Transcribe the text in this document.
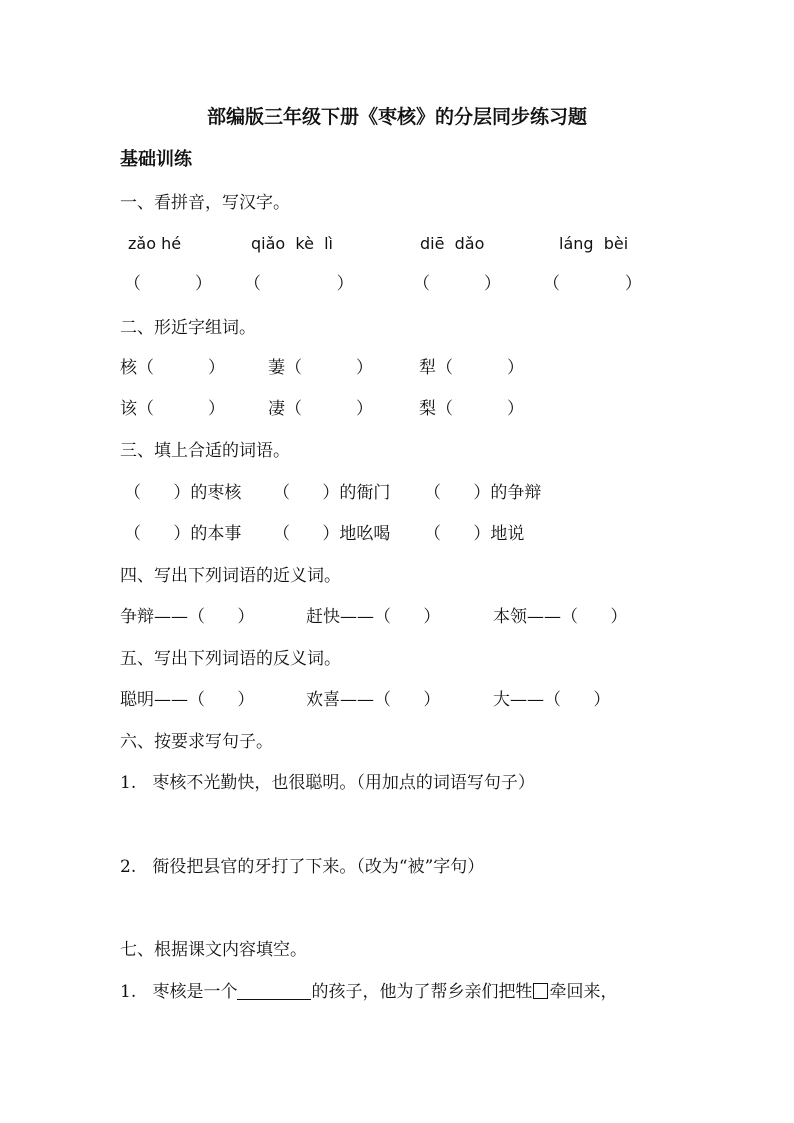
部编版三年级下册《枣核》的分层同步练习题
基础训练
一、看拼音，写汉字。
zǎo hé	qiǎo  kè  lì	diē  dǎo	láng  bèi
（          ） （              ）	（          ） （            ）
二、形近字组词。
核（          ）	萋（          ）	犁（          ）
该（          ）	凄（          ）	梨（          ）
三、填上合适的词语。
（      ）的枣核 （      ）的衙门 （      ）的争辩
（      ）的本事 （      ）地吆喝 （      ）地说
四、写出下列词语的近义词。
争辩——（      ）	赶快——（      ）	本领——（      ）
五、写出下列词语的反义词。
聪明——（      ）	欢喜——（      ）	大——（      ）
六、按要求写句子。
1.   枣核不光勤快，也很聪明。（用加点的词语写句子）
2.   衙役把县官的牙打了下来。（改为“被”字句）
七、根据课文内容填空。
1. 枣核是一个	的孩子，他为了帮乡亲们把牲 牵回来，
